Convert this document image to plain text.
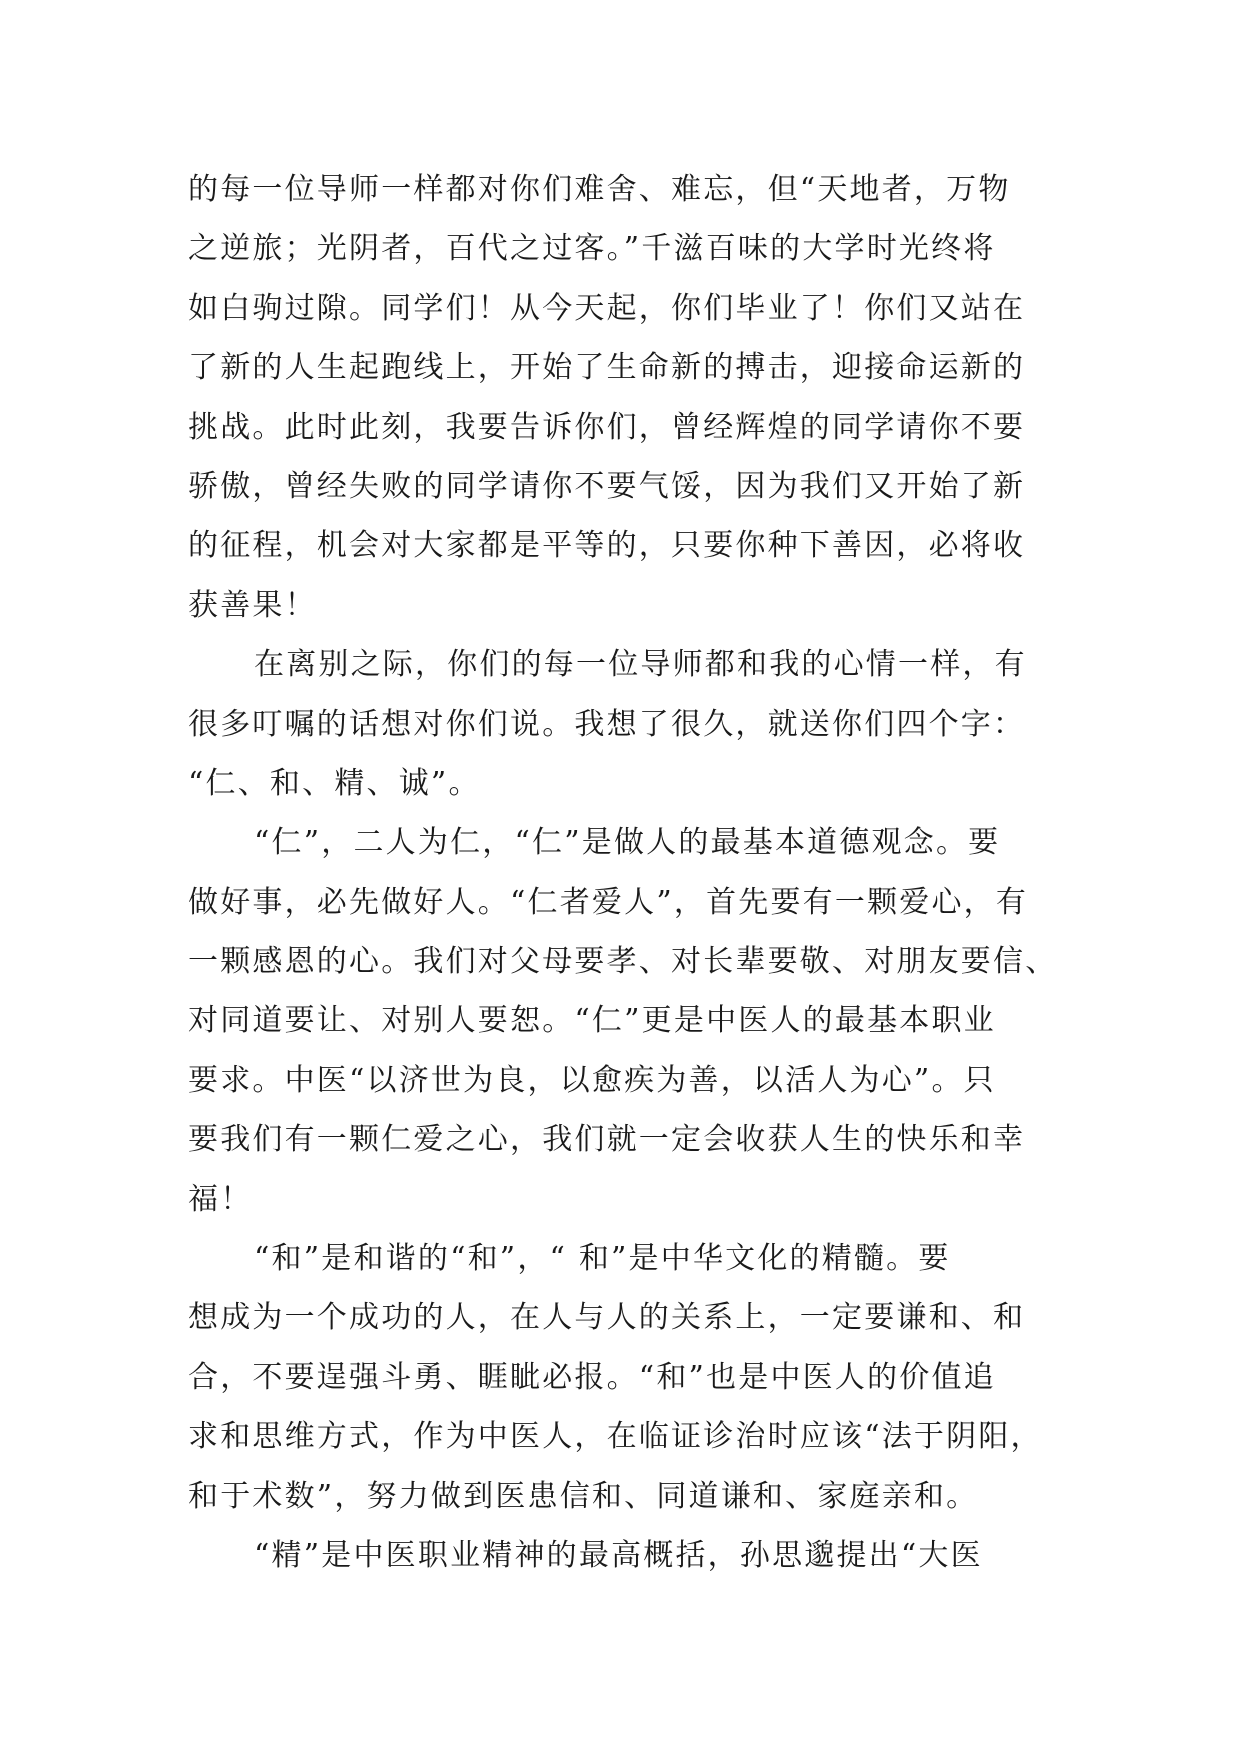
的每一位导师一样都对你们难舍、难忘，但“天地者，万物
之逆旅；光阴者，百代之过客。”千滋百味的大学时光终将
如白驹过隙。同学们！从今天起，你们毕业了！你们又站在
了新的人生起跑线上，开始了生命新的搏击，迎接命运新的
挑战。此时此刻，我要告诉你们，曾经辉煌的同学请你不要
骄傲，曾经失败的同学请你不要气馁，因为我们又开始了新
的征程，机会对大家都是平等的，只要你种下善因，必将收
获善果！
在离别之际，你们的每一位导师都和我的心情一样，有
很多叮嘱的话想对你们说。我想了很久，就送你们四个字：
“仁、和、精、诚”。
“仁”，二人为仁，“仁”是做人的最基本道德观念。要
做好事，必先做好人。“仁者爱人”，首先要有一颗爱心，有
一颗感恩的心。我们对父母要孝、对长辈要敬、对朋友要信、
对同道要让、对别人要恕。“仁”更是中医人的最基本职业
要求。中医“以济世为良，以愈疾为善，以活人为心”。只
要我们有一颗仁爱之心，我们就一定会收获人生的快乐和幸
福！
“和”是和谐的“和”，“ 和”是中华文化的精髓。要
想成为一个成功的人，在人与人的关系上，一定要谦和、和
合，不要逞强斗勇、睚眦必报。“和”也是中医人的价值追
求和思维方式，作为中医人，在临证诊治时应该“法于阴阳，
和于术数”，努力做到医患信和、同道谦和、家庭亲和。
“精”是中医职业精神的最高概括，孙思邈提出“大医
